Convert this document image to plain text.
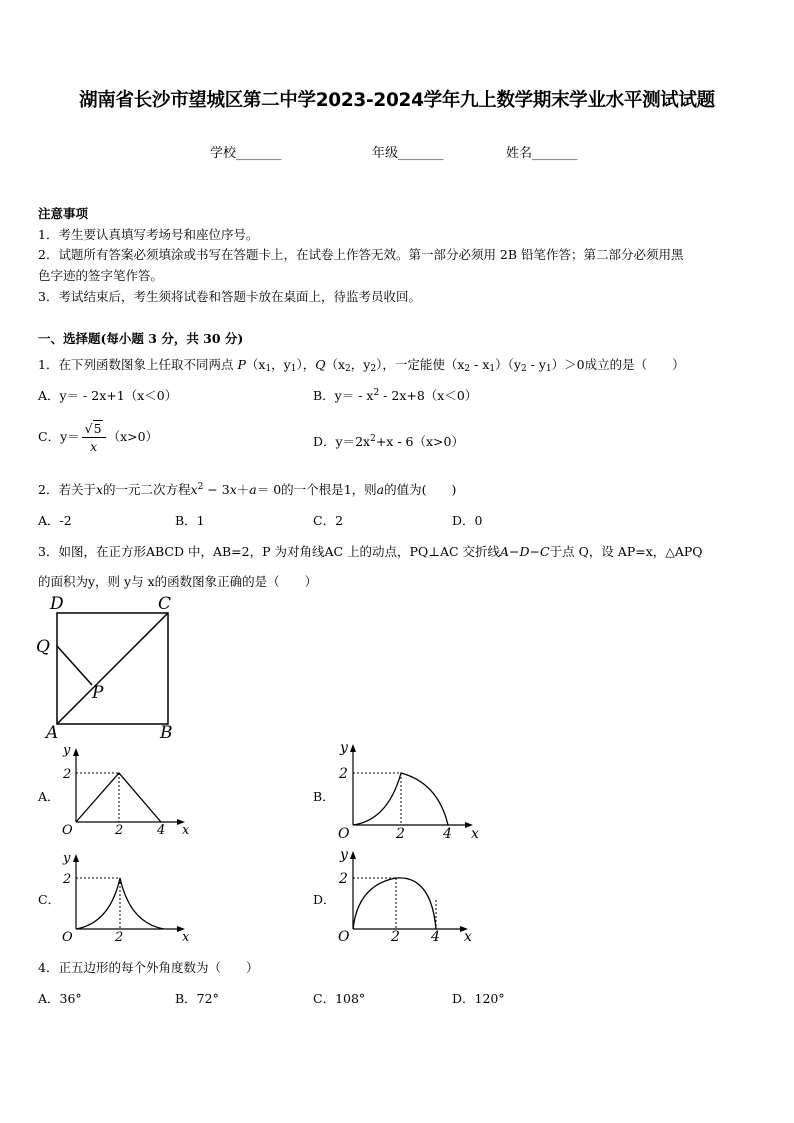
湖南省长沙市望城区第二中学2023-2024学年九上数学期末学业水平测试试题
学校_______	年级_______	姓名_______
注意事项
1．考生要认真填写考场号和座位序号。
2．试题所有答案必须填涂或书写在答题卡上，在试卷上作答无效。第一部分必须用 2B 铅笔作答；第二部分必须用黑
色字迹的签字笔作答。
3．考试结束后，考生须将试卷和答题卡放在桌面上，待监考员收回。
一、选择题(每小题 3 分，共 30 分)
1．在下列函数图象上任取不同两点 $P(x_1$，$y_1$），$Q(x_2$，$y_2$），一定能使$(x_2 - x_1)(y_2 - y_1)>0$成立的是（　　）
A．y＝ - 2x+1（x＜0）	B．$y= - x^2 - 2x+8(x<0)$
C．$y= \frac{√5}{x} (x>0)$	D．$y=2x^2+x - 6(x>0)$
2．若关于x的一元二次方程$x^2 - 3x+a= 0$的一个根是1，则a的值为(　　)
A．-2	B．1	C．2	D．0
3．如图，在正方形ABCD 中，AB=2，P 为对角线AC 上的动点，PQ⊥AC 交折线A−D−C于点 Q，设 AP=x，△APQ
的面积为y，则 y与 x的函数图象正确的是（　　）
D	C
Q
P
A	B
A．
y
2
O	2	4 x
B．
y
2
O	2	4 x
C．
y
2
O	2	x
D．
y
2
O	2 4 x
4．正五边形的每个外角度数为（　　）
A．36°	B．72°	C．108°	D．120°
